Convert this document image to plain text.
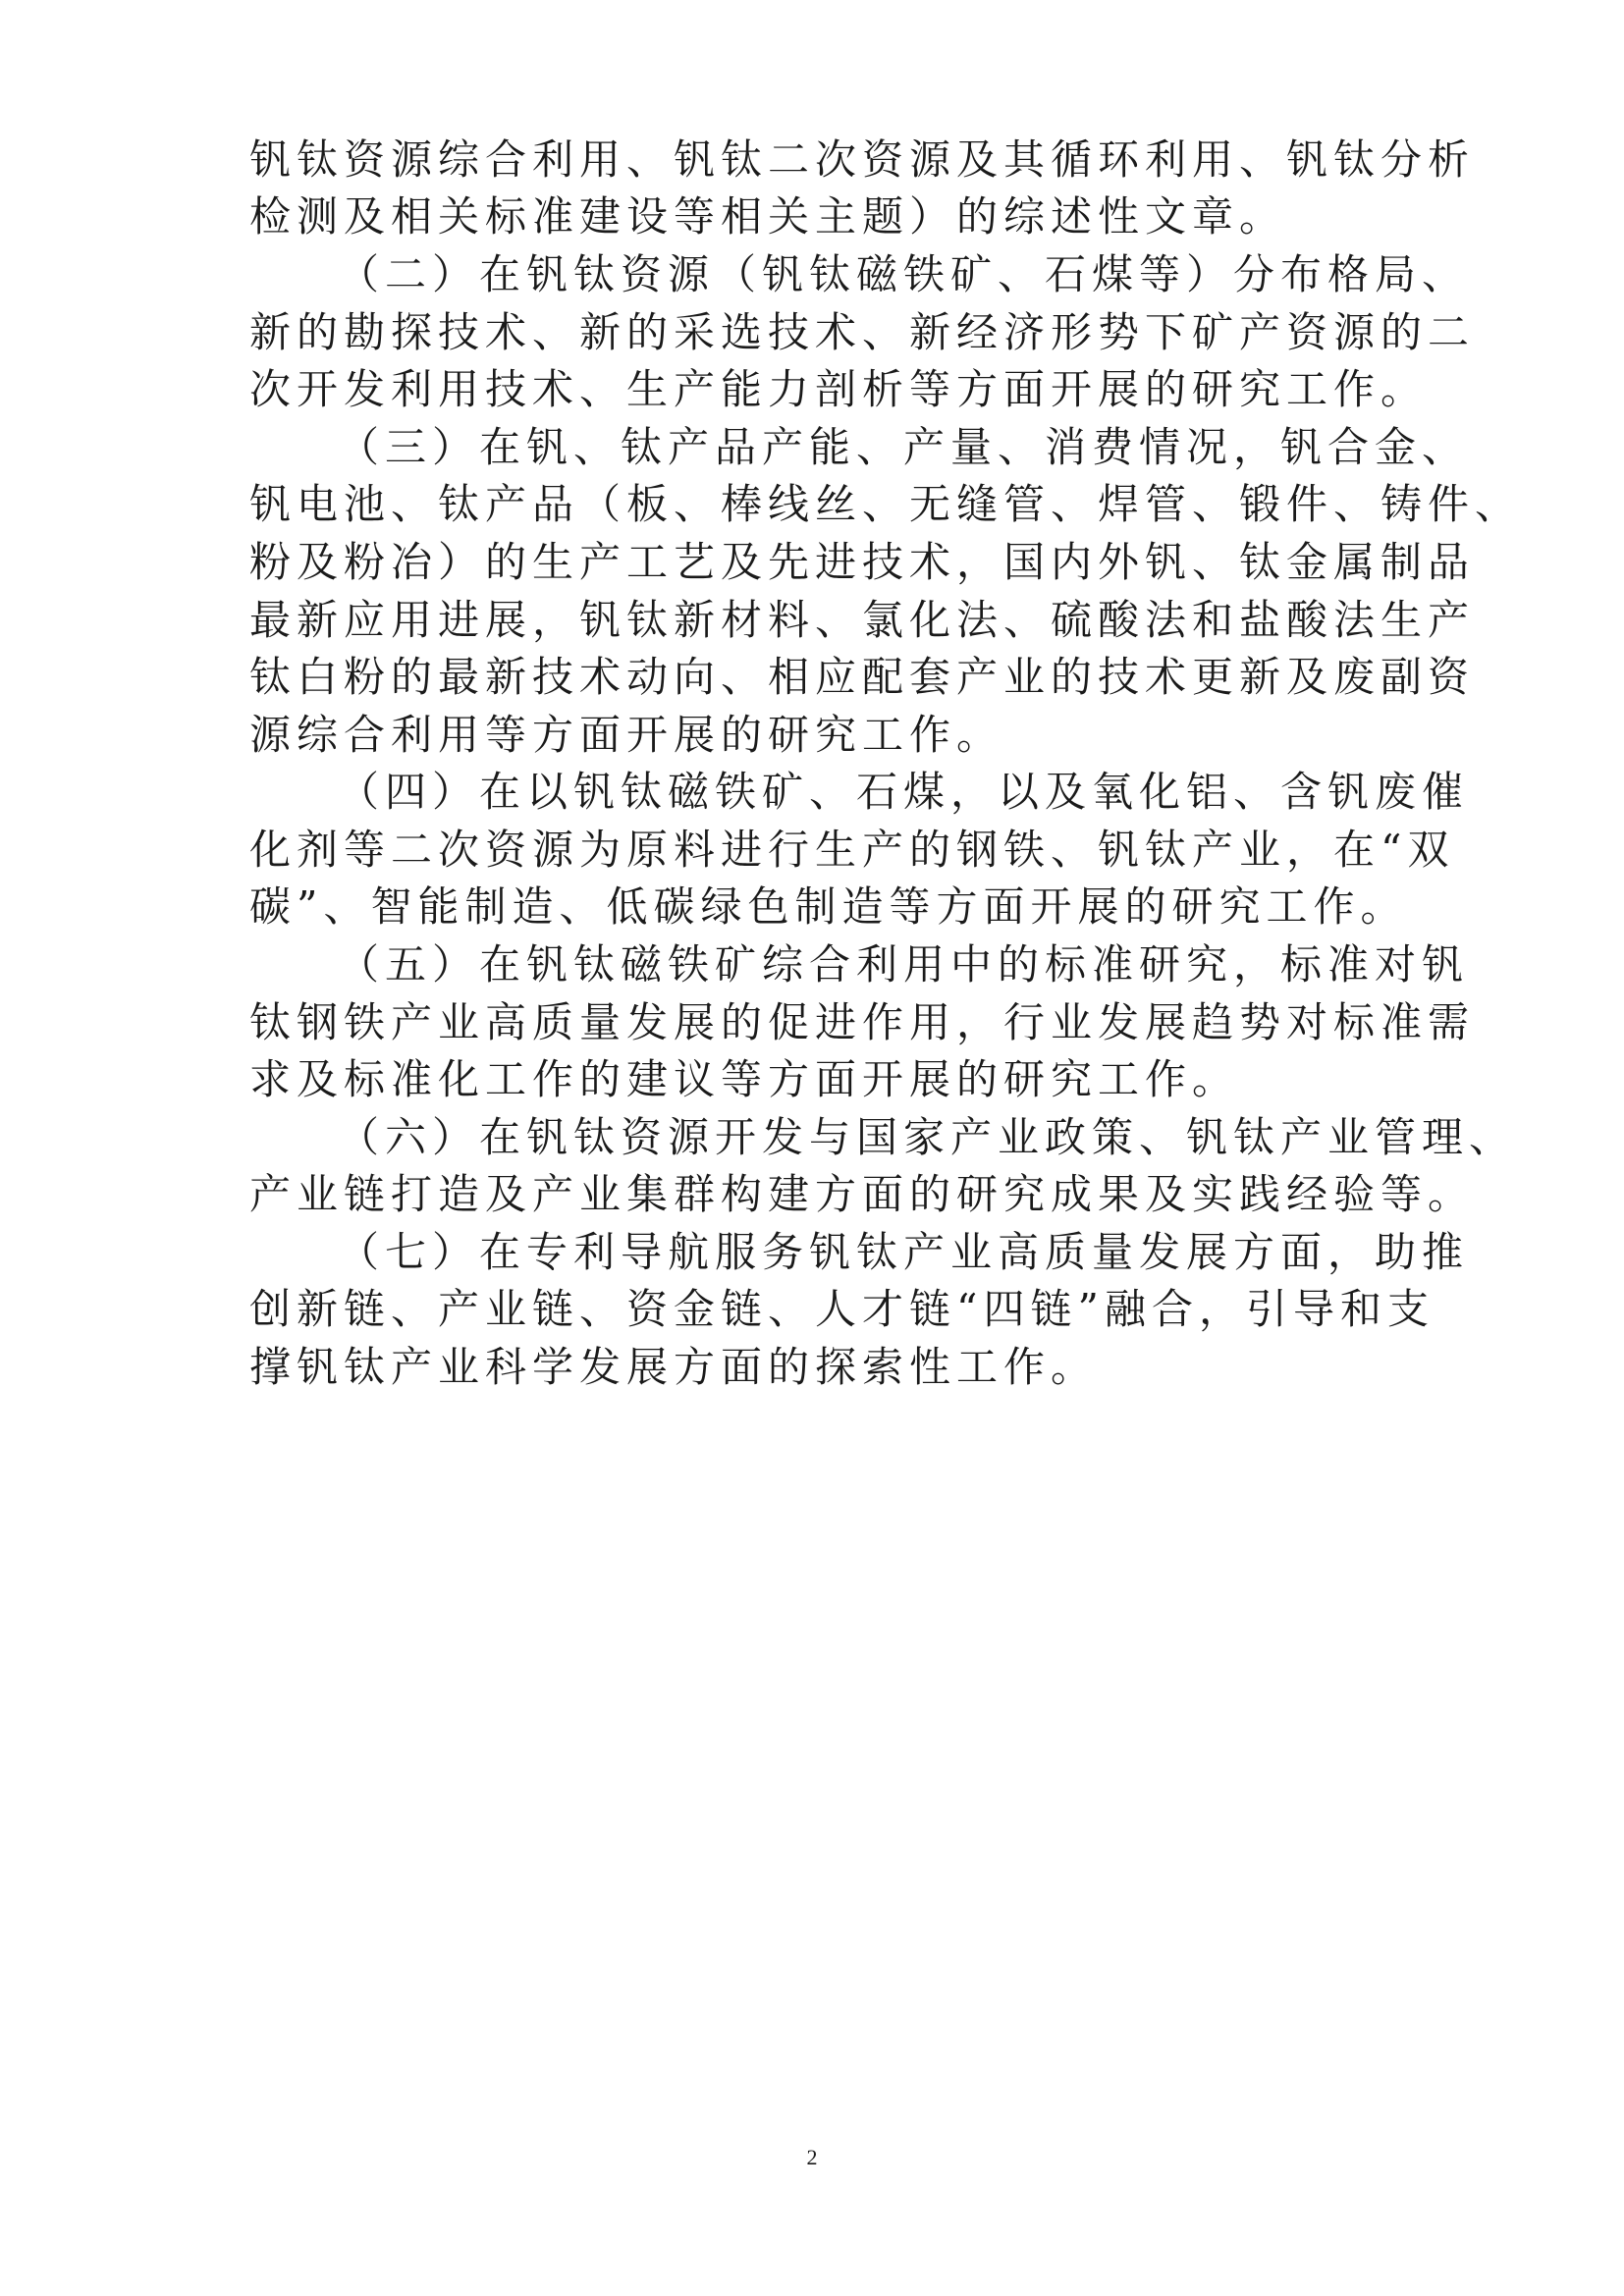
钒钛资源综合利用、钒钛二次资源及其循环利用、钒钛分析
检测及相关标准建设等相关主题）的综述性文章。
（二）在钒钛资源（钒钛磁铁矿、石煤等）分布格局、
新的勘探技术、新的采选技术、新经济形势下矿产资源的二
次开发利用技术、生产能力剖析等方面开展的研究工作。
（三）在钒、钛产品产能、产量、消费情况，钒合金、
钒电池、钛产品（板、棒线丝、无缝管、焊管、锻件、铸件、
粉及粉冶）的生产工艺及先进技术，国内外钒、钛金属制品
最新应用进展，钒钛新材料、氯化法、硫酸法和盐酸法生产
钛白粉的最新技术动向、相应配套产业的技术更新及废副资
源综合利用等方面开展的研究工作。
（四）在以钒钛磁铁矿、石煤，以及氧化铝、含钒废催
化剂等二次资源为原料进行生产的钢铁、钒钛产业，在“双
碳”、智能制造、低碳绿色制造等方面开展的研究工作。
（五）在钒钛磁铁矿综合利用中的标准研究，标准对钒
钛钢铁产业高质量发展的促进作用，行业发展趋势对标准需
求及标准化工作的建议等方面开展的研究工作。
（六）在钒钛资源开发与国家产业政策、钒钛产业管理、
产业链打造及产业集群构建方面的研究成果及实践经验等。
（七）在专利导航服务钒钛产业高质量发展方面，助推
创新链、产业链、资金链、人才链“四链”融合，引导和支
撑钒钛产业科学发展方面的探索性工作。
2
